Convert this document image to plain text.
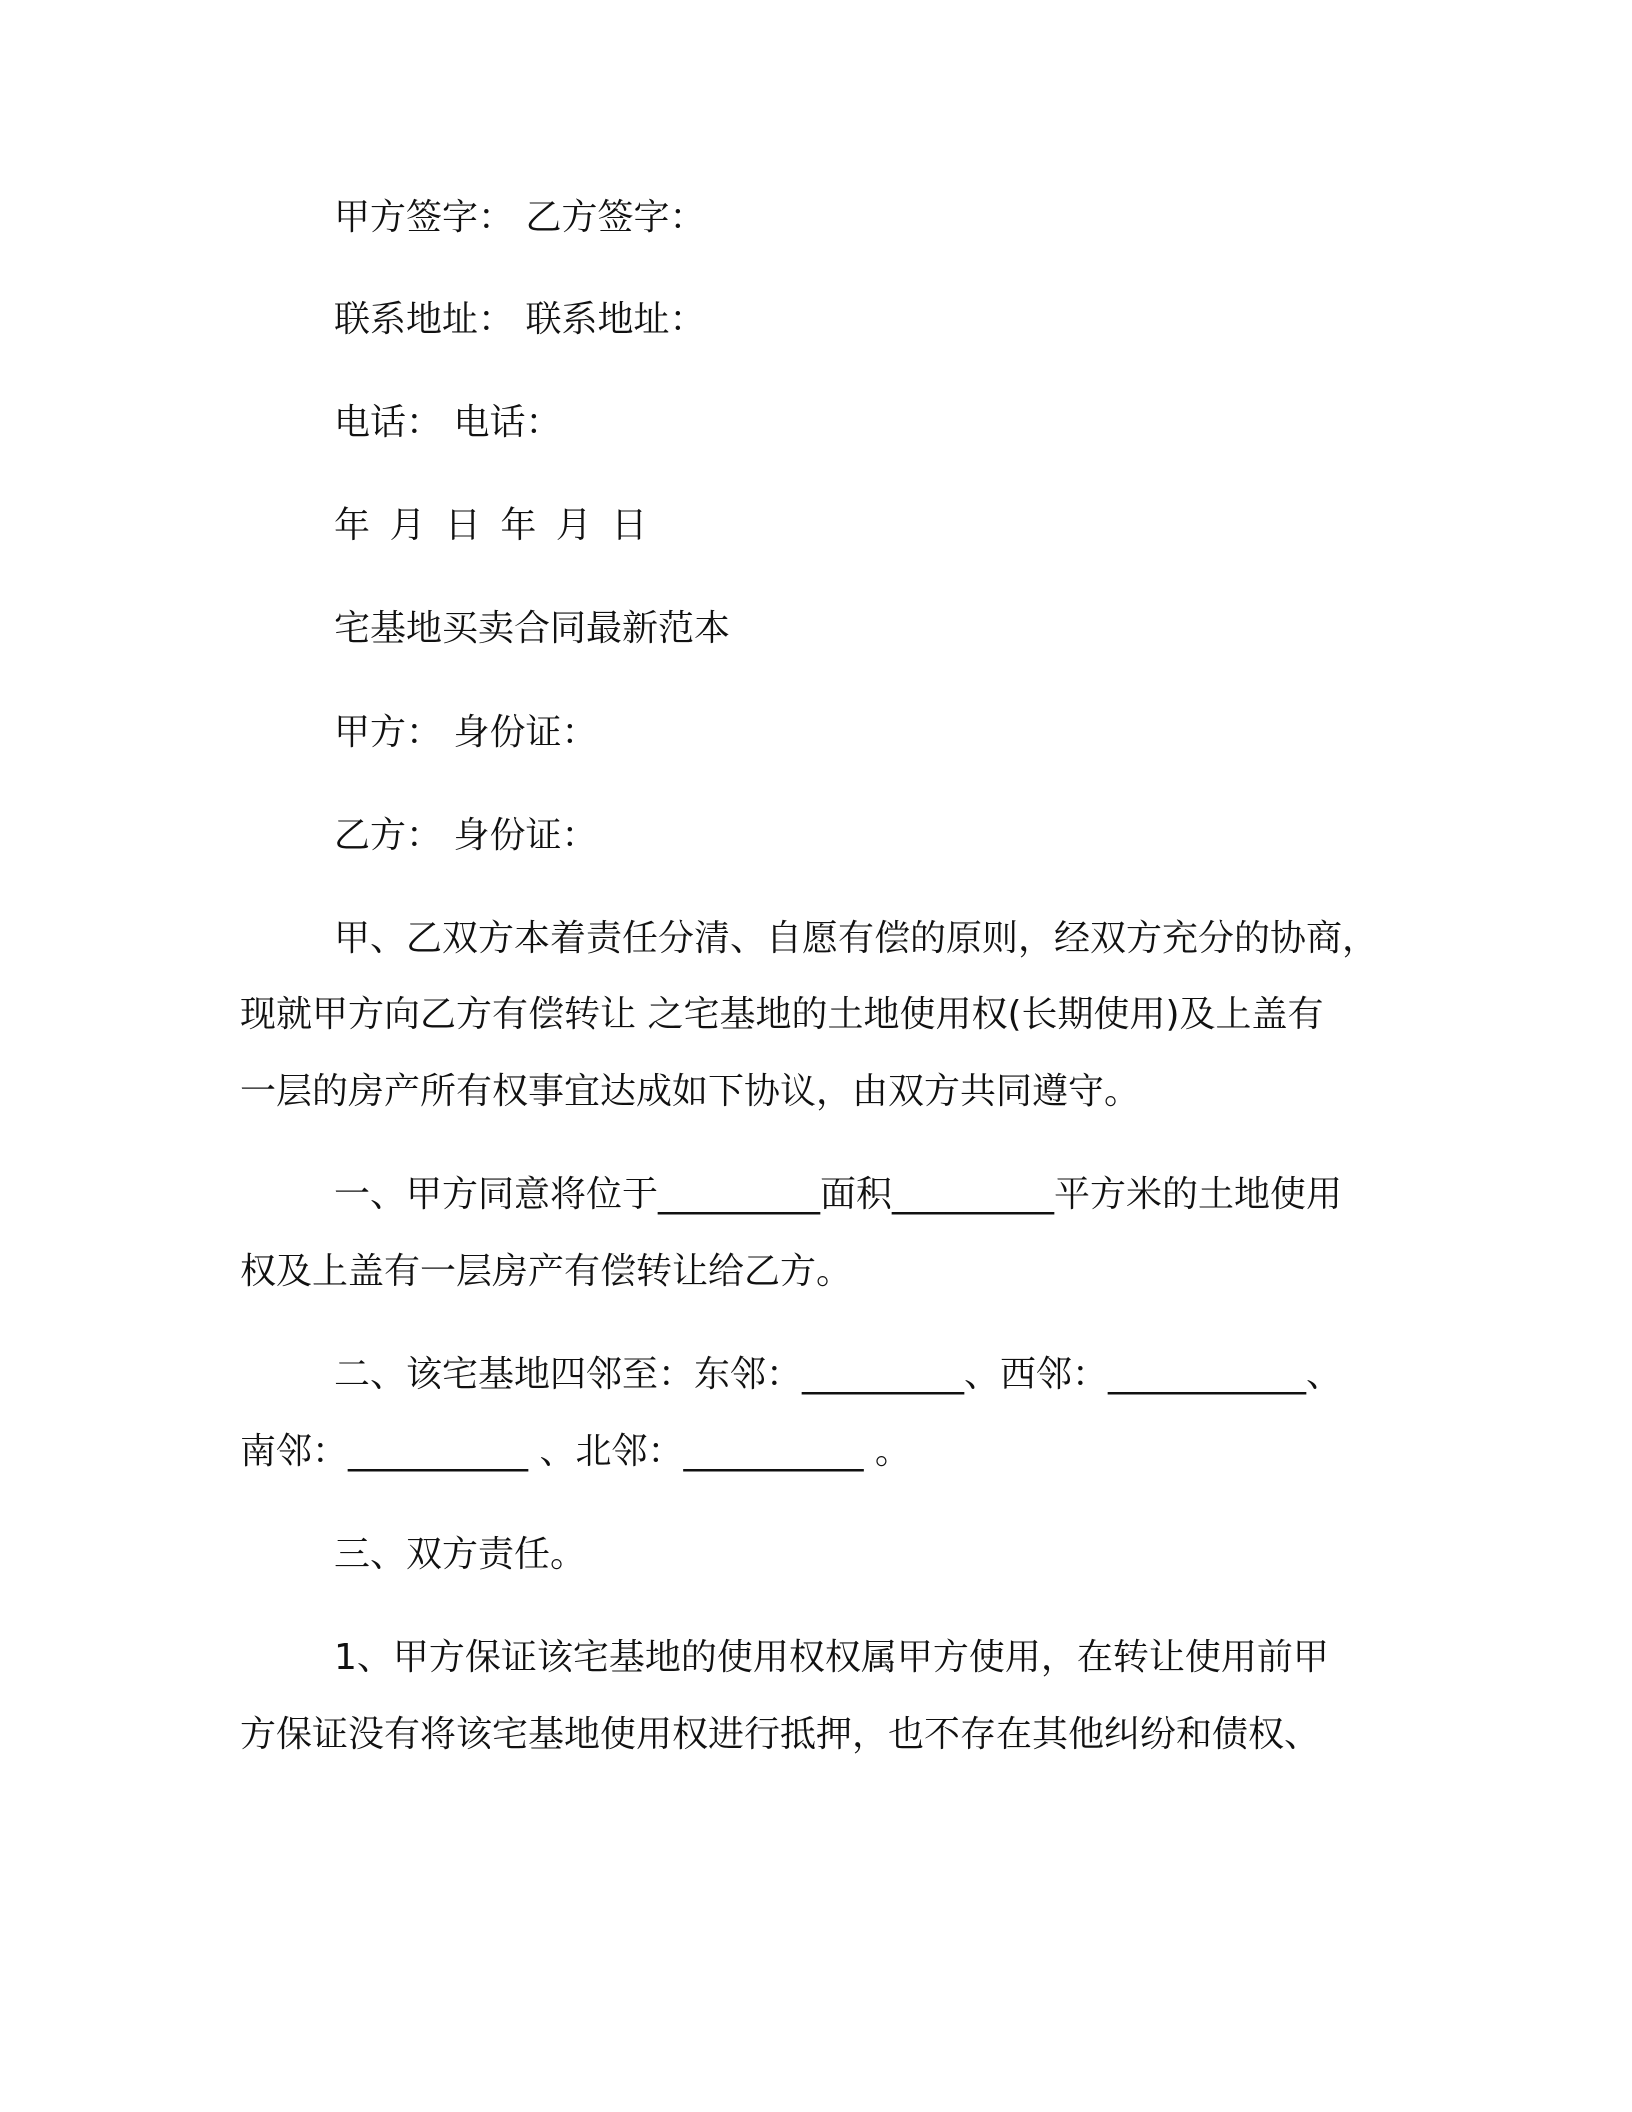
甲方签字： 乙方签字：
联系地址： 联系地址：
电话： 电话：
年 月 日 年 月 日
宅基地买卖合同最新范本
甲方： 身份证：
乙方： 身份证：
甲、乙双方本着责任分清、自愿有偿的原则，经双方充分的协商，
现就甲方向乙方有偿转让 之宅基地的土地使用权(长期使用)及上盖有
一层的房产所有权事宜达成如下协议，由双方共同遵守。
一、甲方同意将位于_________面积_________平方米的土地使用
权及上盖有一层房产有偿转让给乙方。
二、该宅基地四邻至：东邻：_________、西邻：___________、
南邻：__________ 、北邻：__________ 。
三、双方责任。
1、甲方保证该宅基地的使用权权属甲方使用，在转让使用前甲
方保证没有将该宅基地使用权进行抵押，也不存在其他纠纷和债权、
